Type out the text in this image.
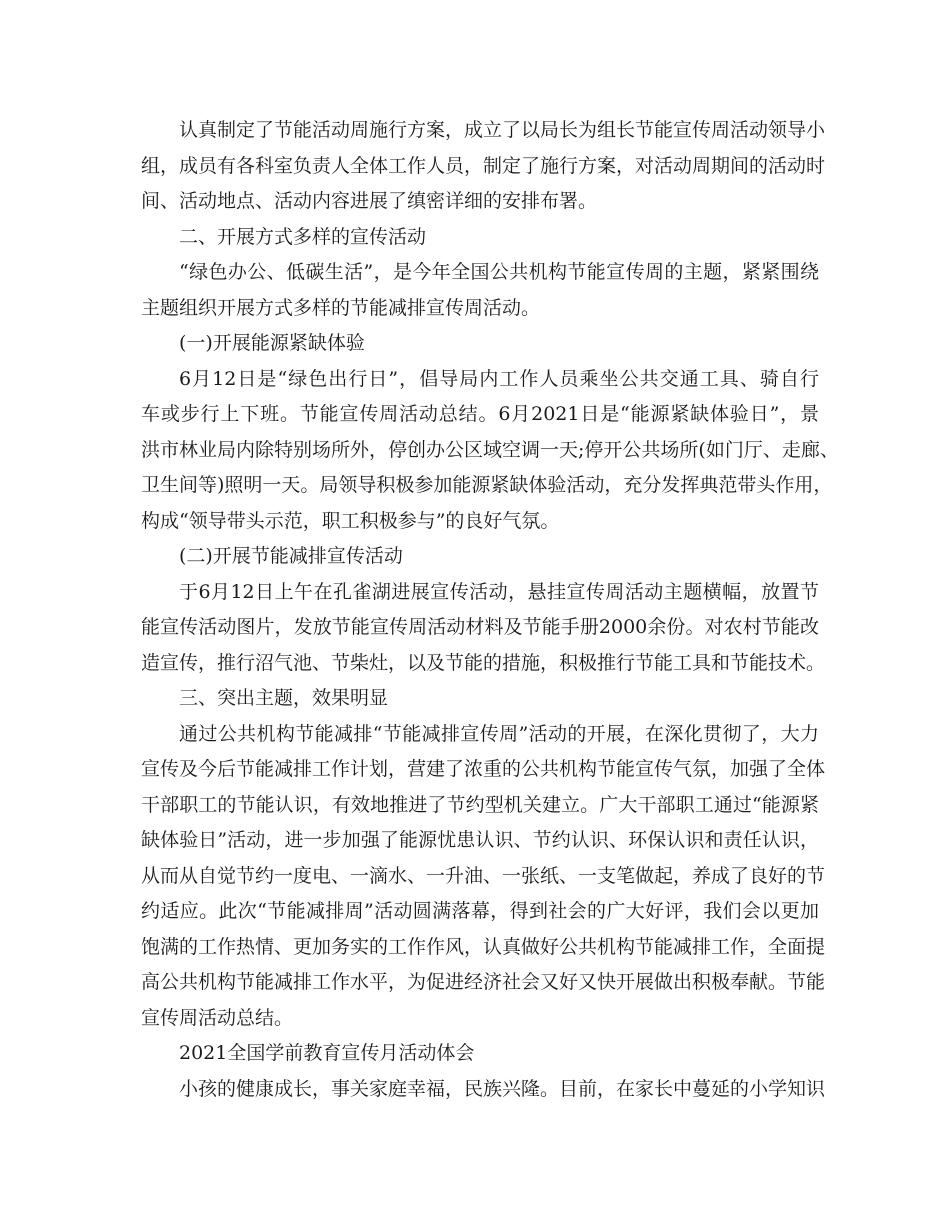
认真制定了节能活动周施行方案，成立了以局长为组长节能宣传周活动领导小
组，成员有各科室负责人全体工作人员，制定了施行方案，对活动周期间的活动时
间、活动地点、活动内容进展了缜密详细的安排布署。
二、开展方式多样的宣传活动
“绿色办公、低碳生活”，是今年全国公共机构节能宣传周的主题，紧紧围绕
主题组织开展方式多样的节能减排宣传周活动。
(一)开展能源紧缺体验
6月12日是“绿色出行日”，倡导局内工作人员乘坐公共交通工具、骑自行
车或步行上下班。节能宣传周活动总结。6月2021日是“能源紧缺体验日”，景
洪市林业局内除特别场所外，停创办公区域空调一天;停开公共场所(如门厅、走廊、
卫生间等)照明一天。局领导积极参加能源紧缺体验活动，充分发挥典范带头作用，
构成“领导带头示范，职工积极参与”的良好气氛。
(二)开展节能减排宣传活动
于6月12日上午在孔雀湖进展宣传活动，悬挂宣传周活动主题横幅，放置节
能宣传活动图片，发放节能宣传周活动材料及节能手册2000余份。对农村节能改
造宣传，推行沼气池、节柴灶，以及节能的措施，积极推行节能工具和节能技术。
三、突出主题，效果明显
通过公共机构节能减排“节能减排宣传周”活动的开展，在深化贯彻了，大力
宣传及今后节能减排工作计划，营建了浓重的公共机构节能宣传气氛，加强了全体
干部职工的节能认识，有效地推进了节约型机关建立。广大干部职工通过“能源紧
缺体验日”活动，进一步加强了能源忧患认识、节约认识、环保认识和责任认识，
从而从自觉节约一度电、一滴水、一升油、一张纸、一支笔做起，养成了良好的节
约适应。此次“节能减排周”活动圆满落幕，得到社会的广大好评，我们会以更加
饱满的工作热情、更加务实的工作作风，认真做好公共机构节能减排工作，全面提
高公共机构节能减排工作水平，为促进经济社会又好又快开展做出积极奉献。节能
宣传周活动总结。
2021全国学前教育宣传月活动体会
小孩的健康成长，事关家庭幸福，民族兴隆。目前，在家长中蔓延的小学知识
